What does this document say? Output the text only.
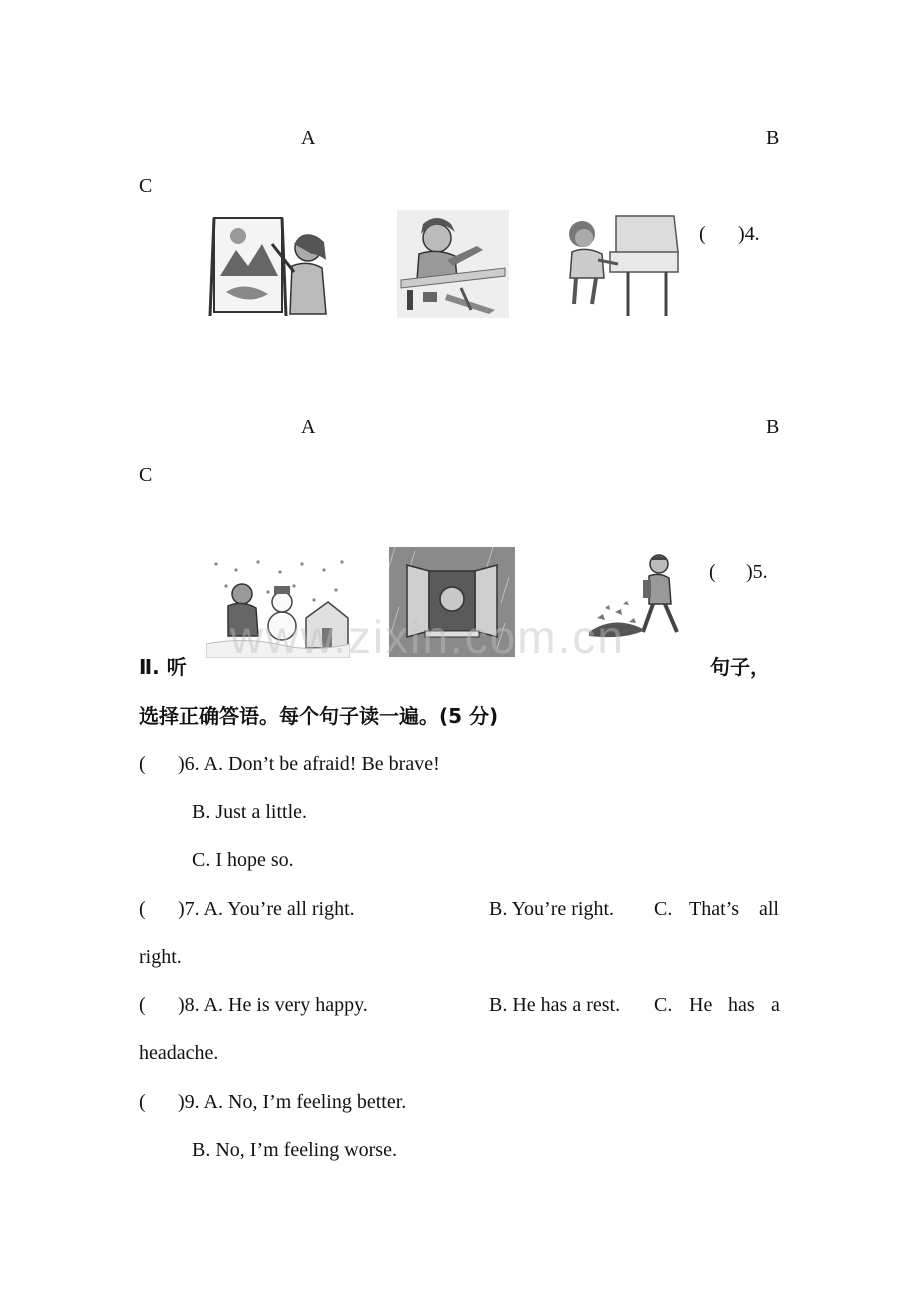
A	B
C
( )4.
A	B
C
www.zixin.com.cn
( )5.
Ⅱ. 听	句子，
选择正确答语。每个句子读一遍。(5 分)
( )6. A. Don’t be afraid! Be brave!
B. Just a little.
C. I hope so.
( )7. A. You’re all right.	B. You’re right. C. That’s all
right.
( )8. A. He is very happy.	B. He has a rest. C. He has a
headache.
( )9. A. No, I’m feeling better.
B. No, I’m feeling worse.
